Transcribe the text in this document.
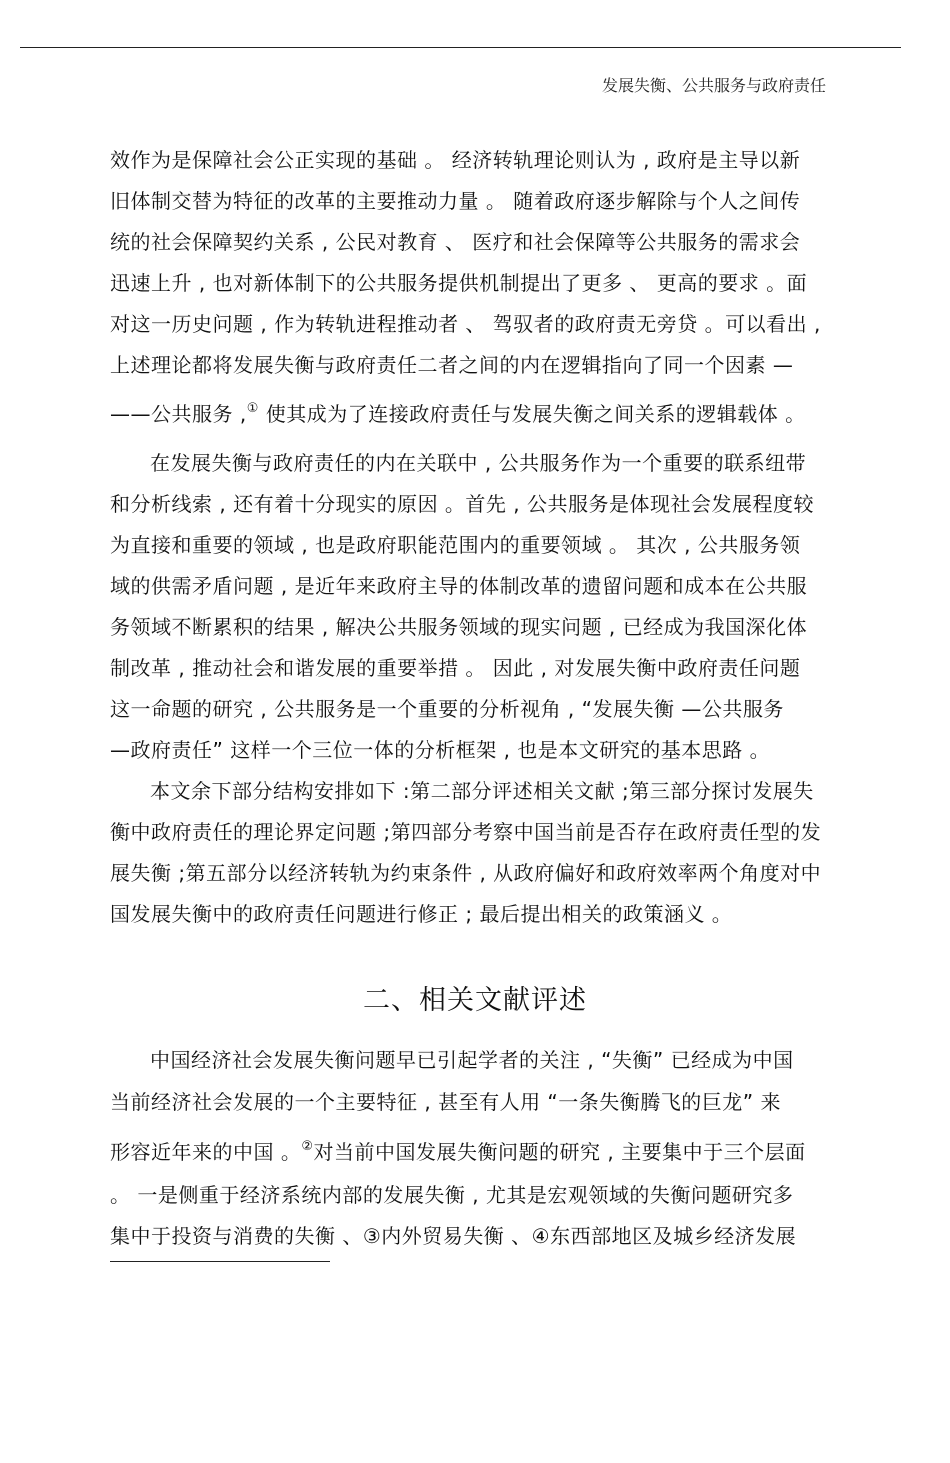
发展失衡、公共服务与政府责任
效作为是保障社会公正实现的基础 。 经济转轨理论则认为 , 政府是主导以新
旧体制交替为特征的改革的主要推动力量 。 随着政府逐步解除与个人之间传
统的社会保障契约关系 , 公民对教育 、 医疗和社会保障等公共服务的需求会
迅速上升 , 也对新体制下的公共服务提供机制提出了更多 、 更高的要求 。面
对这一历史问题 , 作为转轨进程推动者 、 驾驭者的政府责无旁贷 。可以看出 ,
上述理论都将发展失衡与政府责任二者之间的内在逻辑指向了同一个因素 —
——公共服务 ,① 使其成为了连接政府责任与发展失衡之间关系的逻辑载体 。
在发展失衡与政府责任的内在关联中 , 公共服务作为一个重要的联系纽带
和分析线索 , 还有着十分现实的原因 。首先 , 公共服务是体现社会发展程度较
为直接和重要的领域 , 也是政府职能范围内的重要领域 。 其次 , 公共服务领
域的供需矛盾问题 , 是近年来政府主导的体制改革的遗留问题和成本在公共服
务领域不断累积的结果 , 解决公共服务领域的现实问题 , 已经成为我国深化体
制改革 , 推动社会和谐发展的重要举措 。 因此 , 对发展失衡中政府责任问题
这一命题的研究 , 公共服务是一个重要的分析视角 , “发展失衡 —公共服务
—政府责任” 这样一个三位一体的分析框架 , 也是本文研究的基本思路 。
本文余下部分结构安排如下 :第二部分评述相关文献 ;第三部分探讨发展失
衡中政府责任的理论界定问题 ;第四部分考察中国当前是否存在政府责任型的发
展失衡 ;第五部分以经济转轨为约束条件 , 从政府偏好和政府效率两个角度对中
国发展失衡中的政府责任问题进行修正 ; 最后提出相关的政策涵义 。
二、相关文献评述
中国经济社会发展失衡问题早已引起学者的关注 , “失衡” 已经成为中国
当前经济社会发展的一个主要特征 , 甚至有人用 “一条失衡腾飞的巨龙” 来
形容近年来的中国 。②对当前中国发展失衡问题的研究 , 主要集中于三个层面
。 一是侧重于经济系统内部的发展失衡 , 尤其是宏观领域的失衡问题研究多
集中于投资与消费的失衡 、③内外贸易失衡 、④东西部地区及城乡经济发展
